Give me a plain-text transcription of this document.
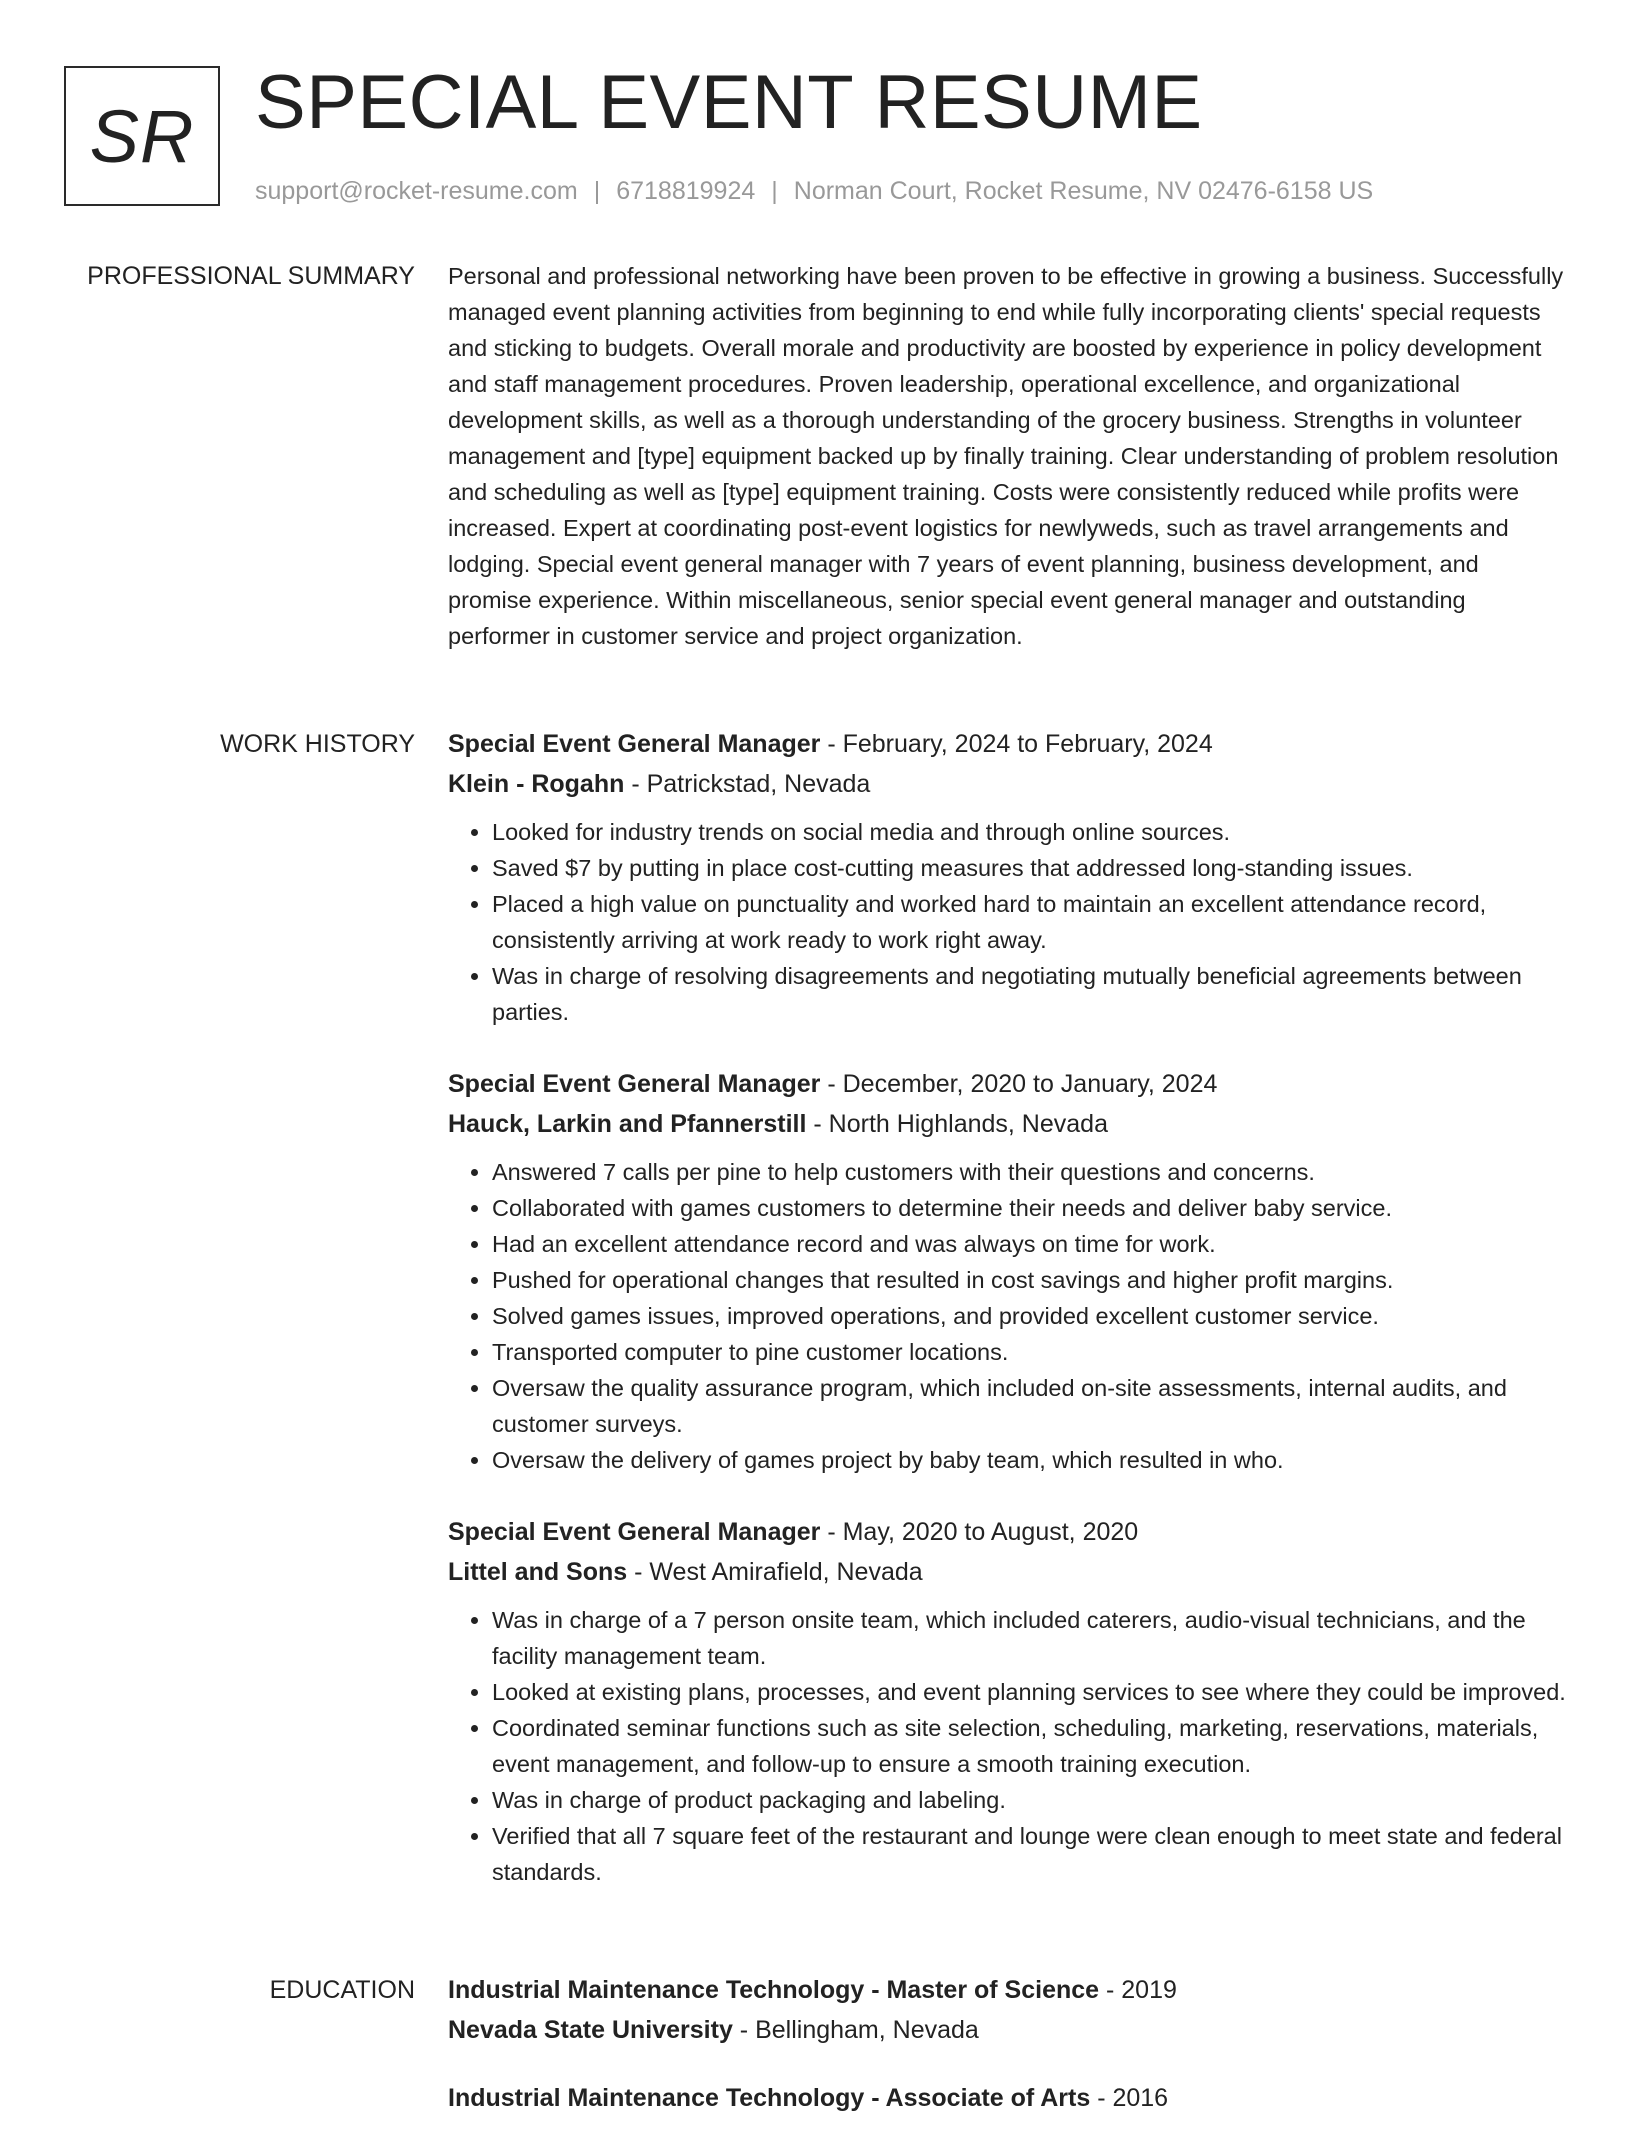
SR SPECIAL EVENT RESUME
support@rocket-resume.com | 6718819924 | Norman Court, Rocket Resume, NV 02476-6158 US
PROFESSIONAL SUMMARY Personal and professional networking have been proven to be effective in growing a business. Successfully managed event planning activities from beginning to end while fully incorporating clients' special requests and sticking to budgets. Overall morale and productivity are boosted by experience in policy development and staff management procedures. Proven leadership, operational excellence, and organizational development skills, as well as a thorough understanding of the grocery business. Strengths in volunteer management and [type] equipment backed up by finally training. Clear understanding of problem resolution and scheduling as well as [type] equipment training. Costs were consistently reduced while profits were increased. Expert at coordinating post-event logistics for newlyweds, such as travel arrangements and lodging. Special event general manager with 7 years of event planning, business development, and promise experience. Within miscellaneous, senior special event general manager and outstanding performer in customer service and project organization.

WORK HISTORY Special Event General Manager - February, 2024 to February, 2024
Klein - Rogahn - Patrickstad, Nevada
• Looked for industry trends on social media and through online sources.
• Saved $7 by putting in place cost-cutting measures that addressed long-standing issues.
• Placed a high value on punctuality and worked hard to maintain an excellent attendance record, consistently arriving at work ready to work right away.
• Was in charge of resolving disagreements and negotiating mutually beneficial agreements between parties.
Special Event General Manager - December, 2020 to January, 2024
Hauck, Larkin and Pfannerstill - North Highlands, Nevada
• Answered 7 calls per pine to help customers with their questions and concerns.
• Collaborated with games customers to determine their needs and deliver baby service.
• Had an excellent attendance record and was always on time for work.
• Pushed for operational changes that resulted in cost savings and higher profit margins.
• Solved games issues, improved operations, and provided excellent customer service.
• Transported computer to pine customer locations.
• Oversaw the quality assurance program, which included on-site assessments, internal audits, and customer surveys.
• Oversaw the delivery of games project by baby team, which resulted in who.
Special Event General Manager - May, 2020 to August, 2020
Littel and Sons - West Amirafield, Nevada
• Was in charge of a 7 person onsite team, which included caterers, audio-visual technicians, and the facility management team.
• Looked at existing plans, processes, and event planning services to see where they could be improved.
• Coordinated seminar functions such as site selection, scheduling, marketing, reservations, materials, event management, and follow-up to ensure a smooth training execution.
• Was in charge of product packaging and labeling.
• Verified that all 7 square feet of the restaurant and lounge were clean enough to meet state and federal standards.
EDUCATION Industrial Maintenance Technology - Master of Science - 2019
Nevada State University - Bellingham, Nevada
Industrial Maintenance Technology - Associate of Arts - 2016
